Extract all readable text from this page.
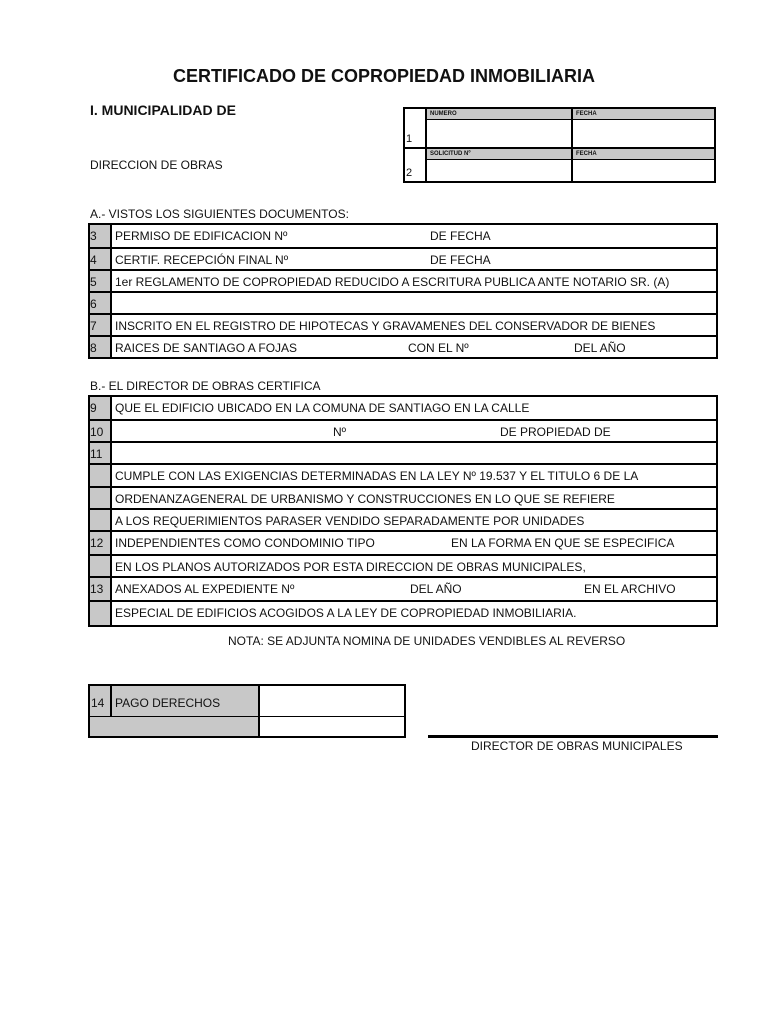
CERTIFICADO DE COPROPIEDAD INMOBILIARIA
I. MUNICIPALIDAD DE
DIRECCION DE OBRAS
NUMERO	FECHA
1
SOLICITUD Nº	FECHA
2
A.- VISTOS LOS SIGUIENTES DOCUMENTOS:
3	PERMISO DE EDIFICACION Nº	DE FECHA
4	CERTIF. RECEPCIÓN FINAL Nº	DE FECHA
5	1er REGLAMENTO DE COPROPIEDAD REDUCIDO A ESCRITURA PUBLICA ANTE NOTARIO SR. (A)
6
7	INSCRITO EN EL REGISTRO DE HIPOTECAS Y GRAVAMENES DEL CONSERVADOR DE BIENES
8	RAICES DE SANTIAGO A FOJAS	CON EL Nº	DEL AÑO
B.- EL DIRECTOR DE OBRAS CERTIFICA
9	QUE EL EDIFICIO UBICADO EN LA COMUNA DE SANTIAGO EN LA CALLE
10	Nº	DE PROPIEDAD DE
11
CUMPLE CON LAS EXIGENCIAS DETERMINADAS EN LA LEY Nº 19.537 Y EL TITULO 6 DE LA
ORDENANZAGENERAL DE URBANISMO Y CONSTRUCCIONES EN LO QUE SE REFIERE
A LOS REQUERIMIENTOS PARASER VENDIDO SEPARADAMENTE POR UNIDADES
12 INDEPENDIENTES COMO CONDOMINIO TIPO	EN LA FORMA EN QUE SE ESPECIFICA
EN LOS PLANOS AUTORIZADOS POR ESTA DIRECCION DE OBRAS MUNICIPALES,
13 ANEXADOS AL EXPEDIENTE Nº	DEL AÑO	EN EL ARCHIVO
ESPECIAL DE EDIFICIOS ACOGIDOS A LA LEY DE COPROPIEDAD INMOBILIARIA.
NOTA: SE ADJUNTA NOMINA DE UNIDADES VENDIBLES AL REVERSO
14 PAGO DERECHOS
DIRECTOR DE OBRAS MUNICIPALES
